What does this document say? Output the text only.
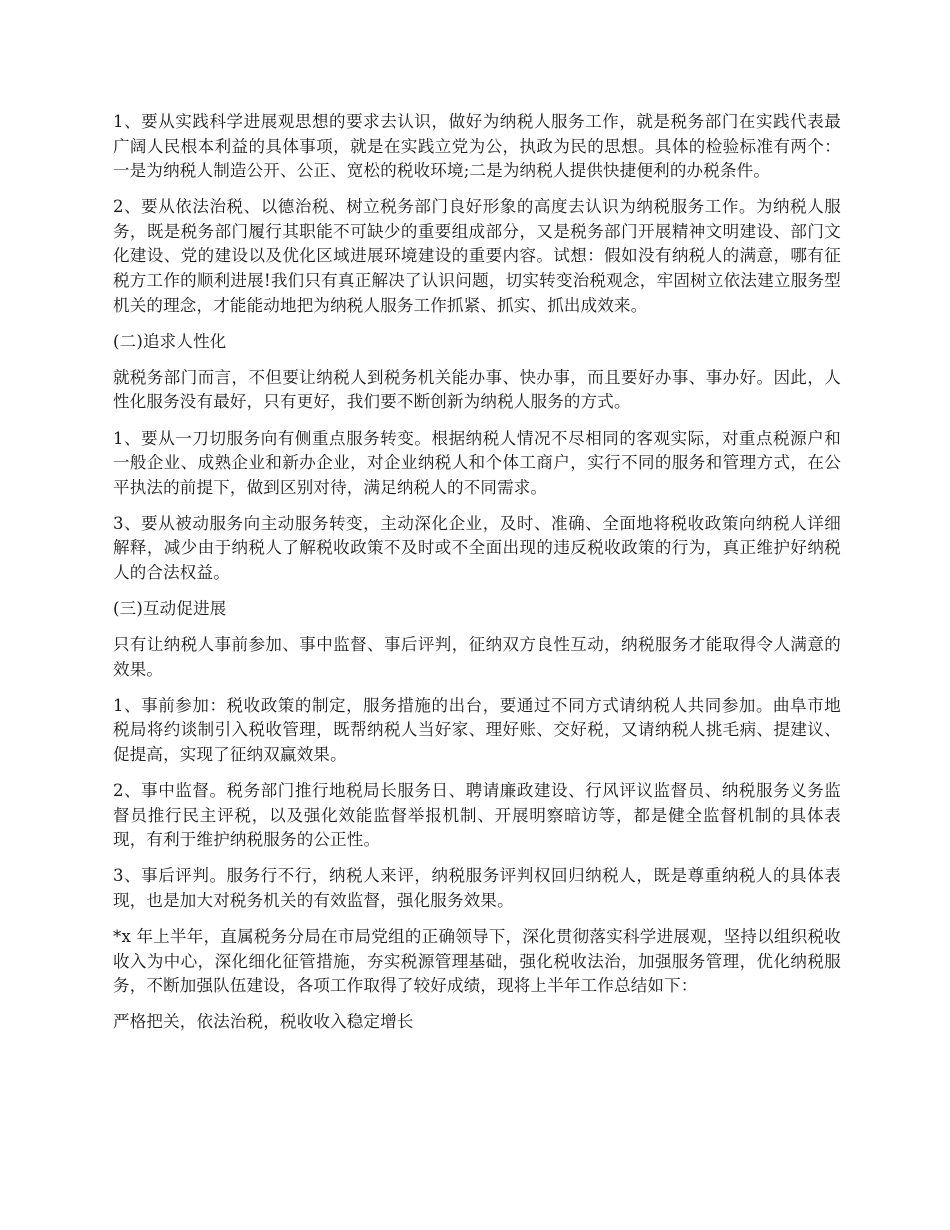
1、要从实践科学进展观思想的要求去认识，做好为纳税人服务工作，就是税务部门在实践代表最广阔人民根本利益的具体事项，就是在实践立党为公，执政为民的思想。具体的检验标准有两个：一是为纳税人制造公开、公正、宽松的税收环境;二是为纳税人提供快捷便利的办税条件。

2、要从依法治税、以德治税、树立税务部门良好形象的高度去认识为纳税服务工作。为纳税人服务，既是税务部门履行其职能不可缺少的重要组成部分，又是税务部门开展精神文明建设、部门文化建设、党的建设以及优化区域进展环境建设的重要内容。试想：假如没有纳税人的满意，哪有征税方工作的顺利进展!我们只有真正解决了认识问题，切实转变治税观念，牢固树立依法建立服务型机关的理念，才能能动地把为纳税人服务工作抓紧、抓实、抓出成效来。

(二)追求人性化

就税务部门而言，不但要让纳税人到税务机关能办事、快办事，而且要好办事、事办好。因此，人性化服务没有最好，只有更好，我们要不断创新为纳税人服务的方式。

1、要从一刀切服务向有侧重点服务转变。根据纳税人情况不尽相同的客观实际，对重点税源户和一般企业、成熟企业和新办企业，对企业纳税人和个体工商户，实行不同的服务和管理方式，在公平执法的前提下，做到区别对待，满足纳税人的不同需求。

3、要从被动服务向主动服务转变，主动深化企业，及时、准确、全面地将税收政策向纳税人详细解释，减少由于纳税人了解税收政策不及时或不全面出现的违反税收政策的行为，真正维护好纳税人的合法权益。

(三)互动促进展

只有让纳税人事前参加、事中监督、事后评判，征纳双方良性互动，纳税服务才能取得令人满意的效果。

1、事前参加：税收政策的制定，服务措施的出台，要通过不同方式请纳税人共同参加。曲阜市地税局将约谈制引入税收管理，既帮纳税人当好家、理好账、交好税，又请纳税人挑毛病、提建议、促提高，实现了征纳双赢效果。

2、事中监督。税务部门推行地税局长服务日、聘请廉政建设、行风评议监督员、纳税服务义务监督员推行民主评税，以及强化效能监督举报机制、开展明察暗访等，都是健全监督机制的具体表现，有利于维护纳税服务的公正性。

3、事后评判。服务行不行，纳税人来评，纳税服务评判权回归纳税人，既是尊重纳税人的具体表现，也是加大对税务机关的有效监督，强化服务效果。

*x 年上半年，直属税务分局在市局党组的正确领导下，深化贯彻落实科学进展观，坚持以组织税收收入为中心，深化细化征管措施，夯实税源管理基础，强化税收法治，加强服务管理，优化纳税服务，不断加强队伍建设，各项工作取得了较好成绩，现将上半年工作总结如下：

严格把关，依法治税，税收收入稳定增长
